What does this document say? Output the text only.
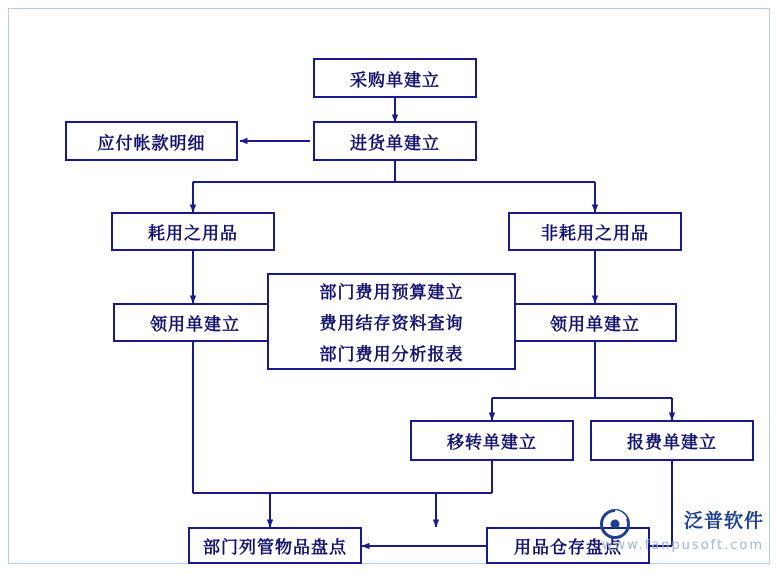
采购单建立
应付帐款明细	进货单建立
耗用之用品	非耗用之用品
领用单建立	领用单建立
部门费用预算建立
费用结存资料查询
部门费用分析报表
移转单建立	报费单建立
部门列管物品盘点	用品仓存盘点
泛普软件
www.fanpusoft.com
